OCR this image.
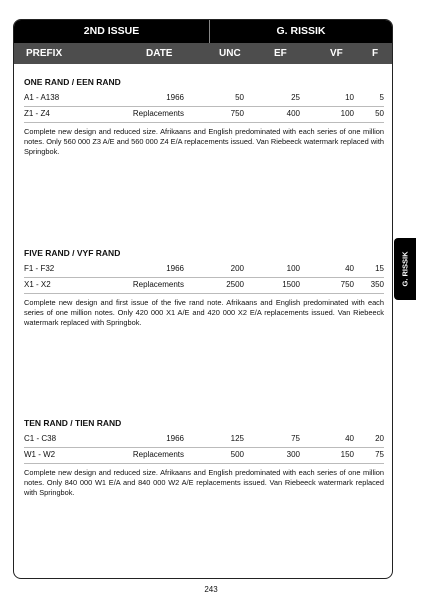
2ND ISSUE	G. RISSIK
PREFIX	DATE	UNC	EF	VF	F
ONE RAND / EEN RAND
A1 - A138	1966	50	25	10	5
Z1 - Z4	Replacements	750	400	100	50
Complete new design and reduced size. Afrikaans and English predominated with each series of one million notes. Only 560 000 Z3 A/E and 560 000 Z4 E/A replacements issued. Van Riebeeck watermark replaced with Springbok.
FIVE RAND / VYF RAND
F1 - F32	1966	200	100	40	15
X1 - X2	Replacements	2500	1500	750	350
Complete new design and first issue of the five rand note. Afrikaans and English predominated with each series of one million notes. Only 420 000 X1 A/E and 420 000 X2 E/A replacements issued. Van Riebeeck watermark replaced with Springbok.
TEN RAND / TIEN RAND
C1 - C38	1966	125	75	40	20
W1 - W2	Replacements	500	300	150	75
Complete new design and reduced size. Afrikaans and English predominated with each series of one million notes. Only 840 000 W1 E/A and 840 000 W2 A/E replacements issued. Van Riebeeck watermark replaced with Springbok.
G. RISSIK
243
